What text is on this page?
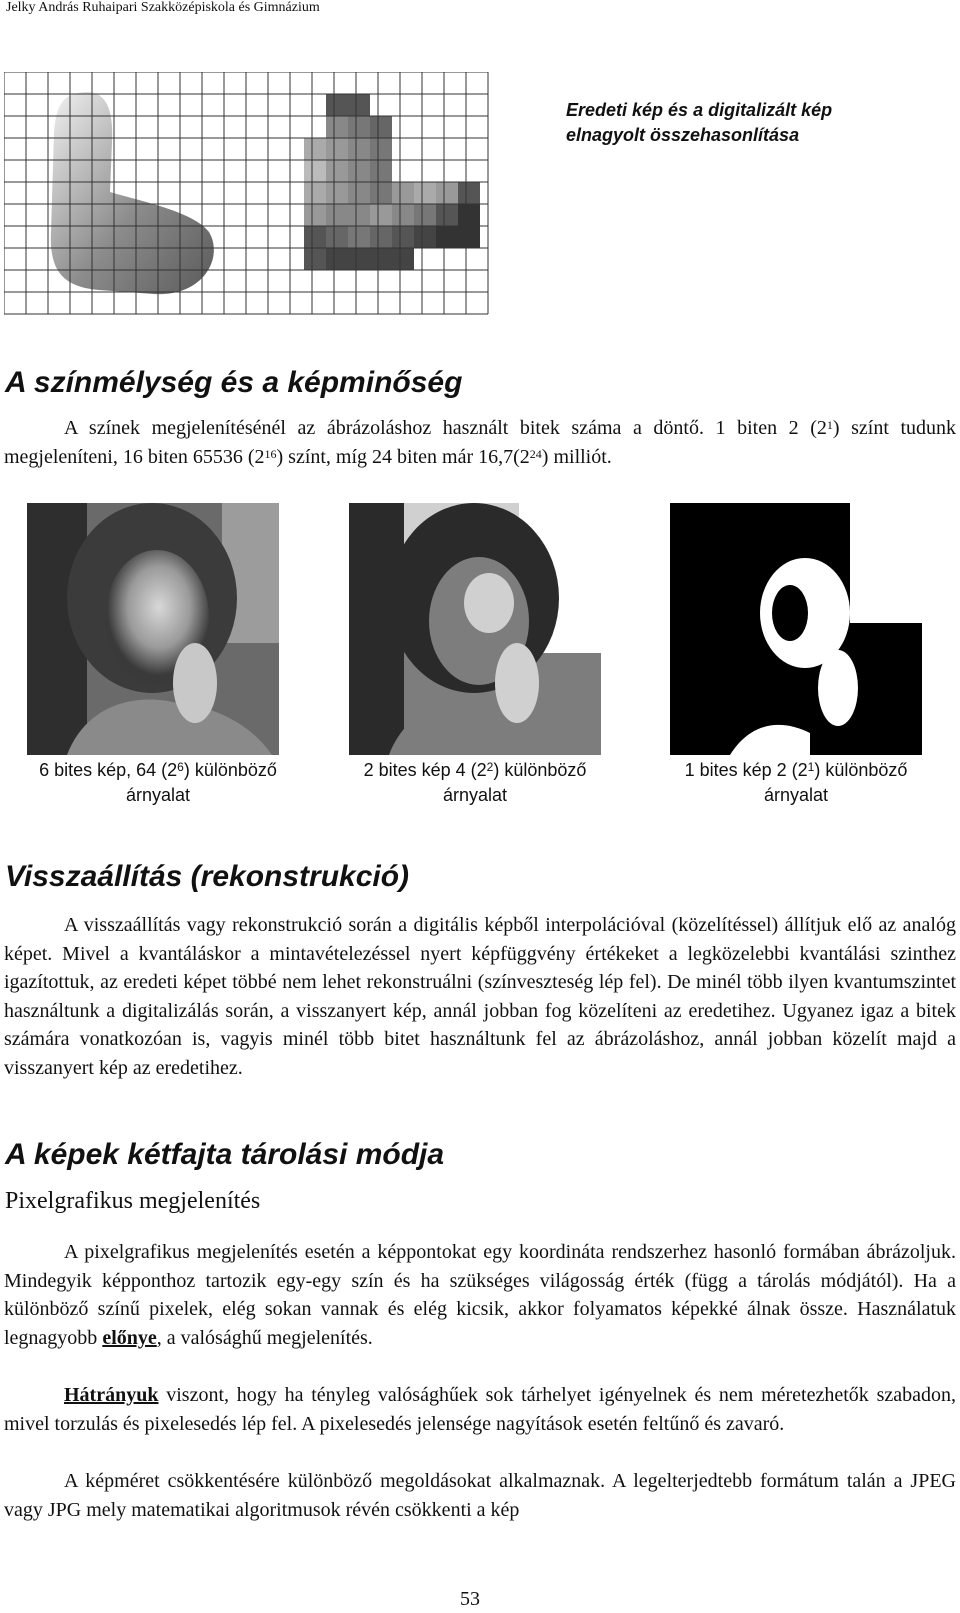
Jelky András Ruhaipari Szakközépiskola és Gimnázium
Eredeti kép és a digitalizált kép
elnagyolt összehasonlítása
A színmélység és a képminőség

A színek megjelenítésénél az ábrázoláshoz használt bitek száma a döntő. 1 biten 2 $(2^1)$ színt tudunk megjeleníteni, 16 biten 65536 $(2^{16})$ színt, míg 24 biten már $16,7(2^{24})$ milliót.

6 bites kép, 64 $(2^6)$ különböző
árnyalat
2 bites kép 4 $(2^2)$ különböző
árnyalat
1 bites kép 2 $(2^1)$ különböző
árnyalat
Visszaállítás (rekonstrukció)

A visszaállítás vagy rekonstrukció során a digitális képből interpolációval (közelítéssel) állítjuk elő az analóg képet. Mivel a kvantáláskor a mintavételezéssel nyert képfüggvény értékeket a legközelebbi kvantálási szinthez igazítottuk, az eredeti képet többé nem lehet rekonstruálni (színveszteség lép fel). De minél több ilyen kvantumszintet használtunk a digitalizálás során, a visszanyert kép, annál jobban fog közelíteni az eredetihez. Ugyanez igaz a bitek számára vonatkozóan is, vagyis minél több bitet használtunk fel az ábrázoláshoz, annál jobban közelít majd a visszanyert kép az eredetihez.

A képek kétfajta tárolási módja
Pixelgrafikus megjelenítés

A pixelgrafikus megjelenítés esetén a képpontokat egy koordináta rendszerhez hasonló formában ábrázoljuk. Mindegyik képponthoz tartozik egy-egy szín és ha szükséges világosság érték (függ a tárolás módjától). Ha a különböző színű pixelek, elég sokan vannak és elég kicsik, akkor folyamatos képekké álnak össze. Használatuk legnagyobb előnye, a valósághű megjelenítés.

Hátrányuk viszont, hogy ha tényleg valósághűek sok tárhelyet igényelnek és nem méretezhetők szabadon, mivel torzulás és pixelesedés lép fel. A pixelesedés jelensége nagyítások esetén feltűnő és zavaró.

A képméret csökkentésére különböző megoldásokat alkalmaznak. A legelterjedtebb formátum talán a JPEG vagy JPG mely matematikai algoritmusok révén csökkenti a kép

53
